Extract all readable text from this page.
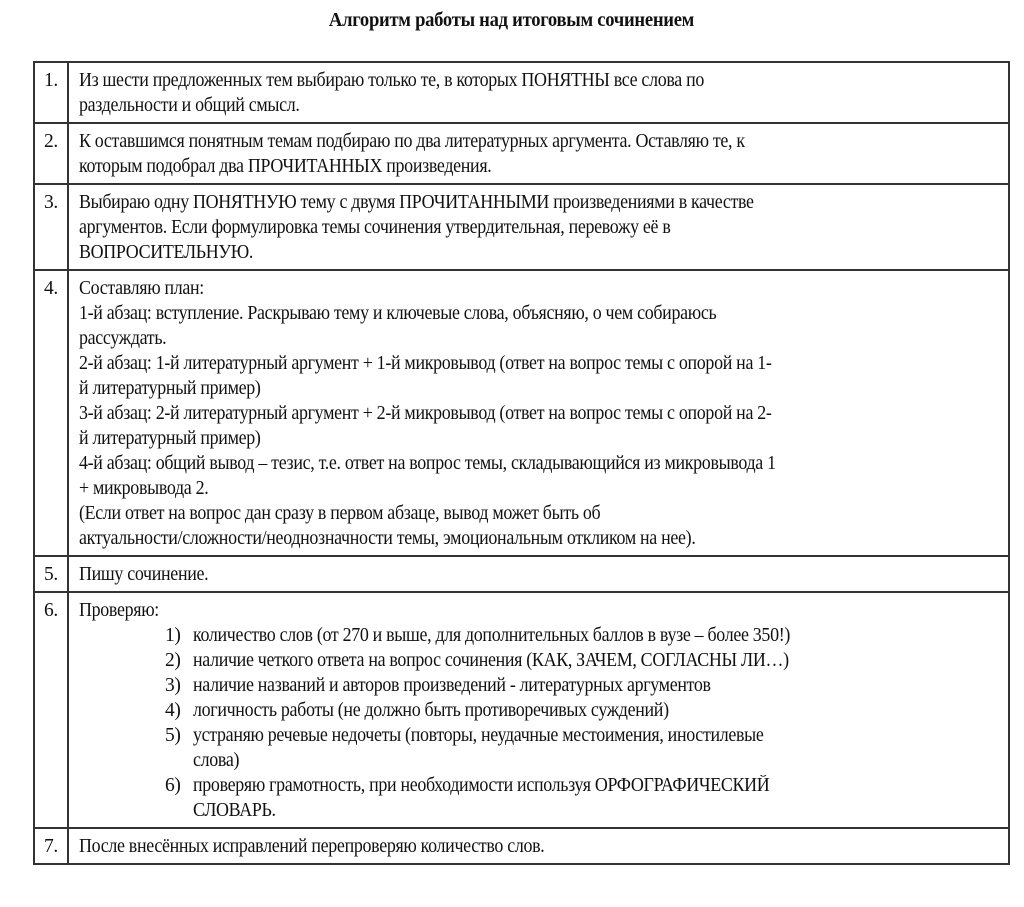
Алгоритм работы над итоговым сочинением
1.	Из шести предложенных тем выбираю только те, в которых ПОНЯТНЫ все слова по
раздельности и общий смысл.

2.	К оставшимся понятным темам подбираю по два литературных аргумента. Оставляю те, к
которым подобрал два ПРОЧИТАННЫХ произведения.

3.	Выбираю одну ПОНЯТНУЮ тему с двумя ПРОЧИТАННЫМИ произведениями в качестве
аргументов. Если формулировка темы сочинения утвердительная, перевожу её в
ВОПРОСИТЕЛЬНУЮ.

4.	Составляю план:
1-й абзац: вступление. Раскрываю тему и ключевые слова, объясняю, о чем собираюсь
рассуждать.
2-й абзац: 1-й литературный аргумент + 1-й микровывод (ответ на вопрос темы с опорой на 1-
й литературный пример)
3-й абзац: 2-й литературный аргумент + 2-й микровывод (ответ на вопрос темы с опорой на 2-
й литературный пример)
4-й абзац: общий вывод – тезис, т.е. ответ на вопрос темы, складывающийся из микровывода 1
+ микровывода 2.
(Если ответ на вопрос дан сразу в первом абзаце, вывод может быть об
актуальности/сложности/неоднозначности темы, эмоциональным откликом на нее).

5.	Пишу сочинение.

6.	Проверяю:
1) количество слов (от 270 и выше, для дополнительных баллов в вузе – более 350!)
2) наличие четкого ответа на вопрос сочинения (КАК, ЗАЧЕМ, СОГЛАСНЫ ЛИ…)
3) наличие названий и авторов произведений - литературных аргументов
4) логичность работы (не должно быть противоречивых суждений)
5) устраняю речевые недочеты (повторы, неудачные местоимения, иностилевые
слова)
6) проверяю грамотность, при необходимости используя ОРФОГРАФИЧЕСКИЙ
СЛОВАРЬ.

7.	После внесённых исправлений перепроверяю количество слов.
